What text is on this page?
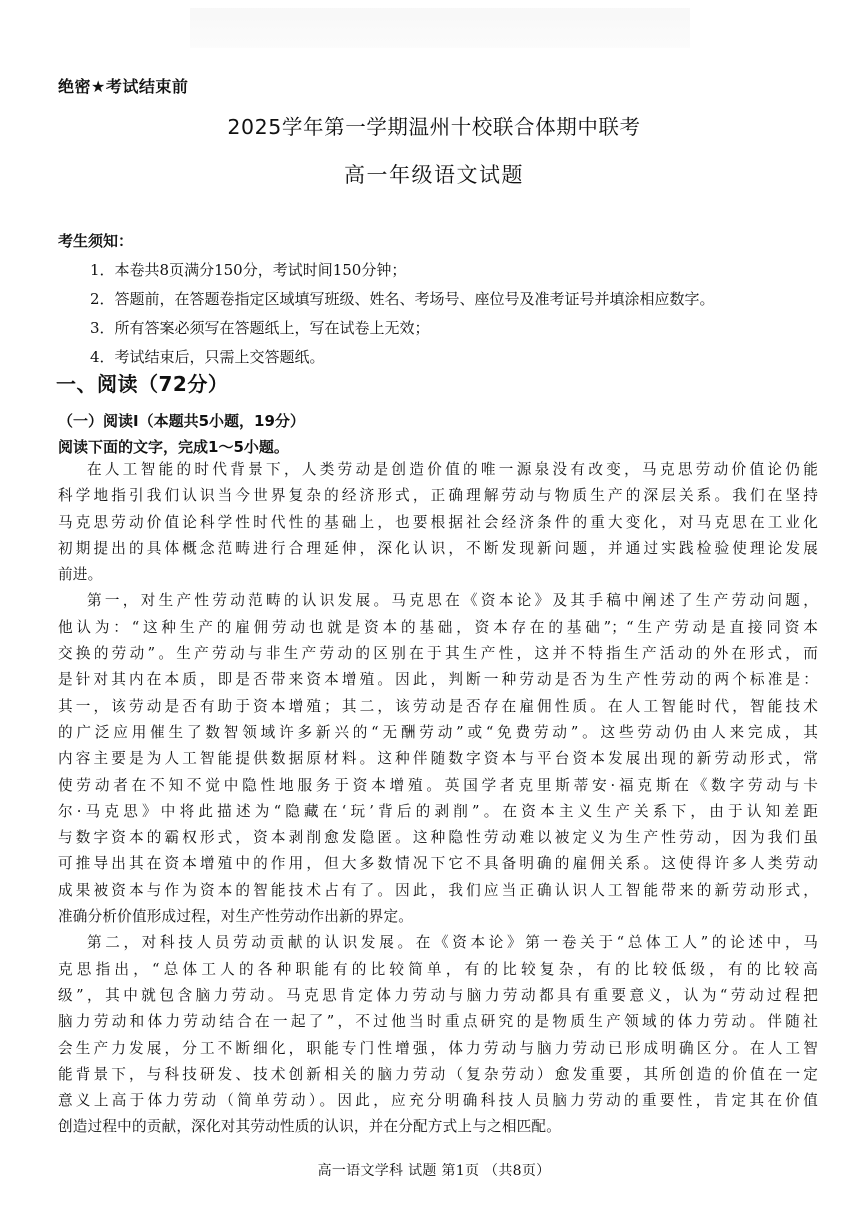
绝密★考试结束前
2025学年第一学期温州十校联合体期中联考
高一年级语文试题
考生须知：
1．本卷共8页满分150分，考试时间150分钟；
2．答题前，在答题卷指定区域填写班级、姓名、考场号、座位号及准考证号并填涂相应数字。
3．所有答案必须写在答题纸上，写在试卷上无效；
4．考试结束后，只需上交答题纸。
一、阅读（72分）
（一）阅读Ⅰ（本题共5小题，19分）
阅读下面的文字，完成1～5小题。
在人工智能的时代背景下，人类劳动是创造价值的唯一源泉没有改变，马克思劳动价值论仍能
科学地指引我们认识当今世界复杂的经济形式，正确理解劳动与物质生产的深层关系。我们在坚持
马克思劳动价值论科学性时代性的基础上，也要根据社会经济条件的重大变化，对马克思在工业化
初期提出的具体概念范畴进行合理延伸，深化认识，不断发现新问题，并通过实践检验使理论发展
前进。
第一，对生产性劳动范畴的认识发展。马克思在《资本论》及其手稿中阐述了生产劳动问题，
他认为：“这种生产的雇佣劳动也就是资本的基础，资本存在的基础”；“生产劳动是直接同资本
交换的劳动”。生产劳动与非生产劳动的区别在于其生产性，这并不特指生产活动的外在形式，而
是针对其内在本质，即是否带来资本增殖。因此，判断一种劳动是否为生产性劳动的两个标准是：
其一，该劳动是否有助于资本增殖；其二，该劳动是否存在雇佣性质。在人工智能时代，智能技术
的广泛应用催生了数智领域许多新兴的“无酬劳动”或“免费劳动”。这些劳动仍由人来完成，其
内容主要是为人工智能提供数据原材料。这种伴随数字资本与平台资本发展出现的新劳动形式，常
使劳动者在不知不觉中隐性地服务于资本增殖。英国学者克里斯蒂安·福克斯在《数字劳动与卡
尔·马克思》中将此描述为“隐藏在‘玩’背后的剥削”。在资本主义生产关系下，由于认知差距
与数字资本的霸权形式，资本剥削愈发隐匿。这种隐性劳动难以被定义为生产性劳动，因为我们虽
可推导出其在资本增殖中的作用，但大多数情况下它不具备明确的雇佣关系。这使得许多人类劳动
成果被资本与作为资本的智能技术占有了。因此，我们应当正确认识人工智能带来的新劳动形式，
准确分析价值形成过程，对生产性劳动作出新的界定。
第二，对科技人员劳动贡献的认识发展。在《资本论》第一卷关于“总体工人”的论述中，马
克思指出，“总体工人的各种职能有的比较简单，有的比较复杂，有的比较低级，有的比较高
级”，其中就包含脑力劳动。马克思肯定体力劳动与脑力劳动都具有重要意义，认为“劳动过程把
脑力劳动和体力劳动结合在一起了”，不过他当时重点研究的是物质生产领域的体力劳动。伴随社
会生产力发展，分工不断细化，职能专门性增强，体力劳动与脑力劳动已形成明确区分。在人工智
能背景下，与科技研发、技术创新相关的脑力劳动（复杂劳动）愈发重要，其所创造的价值在一定
意义上高于体力劳动（简单劳动）。因此，应充分明确科技人员脑力劳动的重要性，肯定其在价值
创造过程中的贡献，深化对其劳动性质的认识，并在分配方式上与之相匹配。
高一语文学科 试题 第1页 （共8页）
